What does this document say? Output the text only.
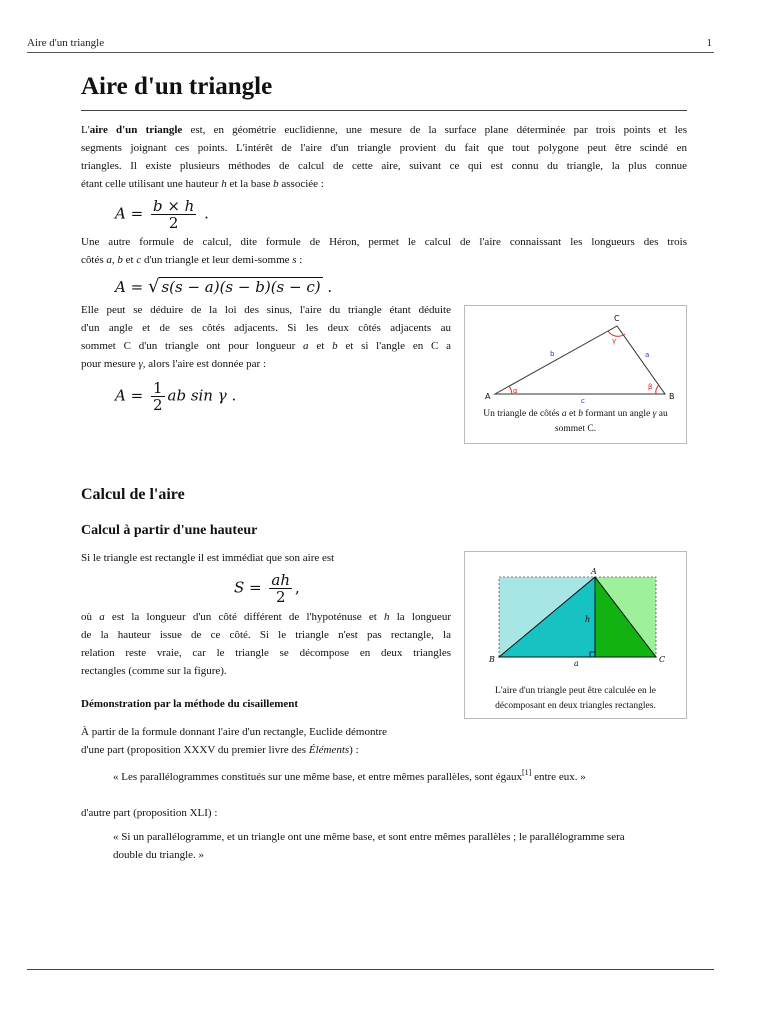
Aire d'un triangle	1
Aire d'un triangle
L'aire d'un triangle est, en géométrie euclidienne, une mesure de la surface plane déterminée par trois points et les
segments joignant ces points. L'intérêt de l'aire d'un triangle provient du fait que tout polygone peut être scindé en
triangles. Il existe plusieurs méthodes de calcul de cette aire, suivant ce qui est connu du triangle, la plus connue
étant celle utilisant une hauteur h et la base b associée :
$A = \frac{b \times h}{2}$ .
Une autre formule de calcul, dite formule de Héron, permet le calcul de l'aire connaissant les longueurs des trois
côtés a, b et c d'un triangle et leur demi-somme s :
A = √ s(s − a)(s − b)(s − c) .
Elle peut se déduire de la loi des sinus, l'aire du triangle étant déduite
d'un angle et de ses côtés adjacents. Si les deux côtés adjacents au
sommet C d'un triangle ont pour longueur a et b et si l'angle en C a
pour mesure γ, alors l'aire est donnée par :
$A = \frac{1}{2}$ ab sin γ .	A	B
C
b	a
c
α	β
γ
Un triangle de côtés a et b formant un angle γ au
sommet C.
Calcul de l'aire
Calcul à partir d'une hauteur
Si le triangle est rectangle il est immédiat que son aire est
$S = \frac{ah}{2}$ ,
où a est la longueur d'un côté différent de l'hypoténuse et h la longueur
de la hauteur issue de ce côté. Si le triangle n'est pas rectangle, la
relation reste vraie, car le triangle se décompose en deux triangles
rectangles (comme sur la figure).
A
B	C
a
h
L'aire d'un triangle peut être calculée en le
décomposant en deux triangles rectangles.
Démonstration par la méthode du cisaillement
À partir de la formule donnant l'aire d'un rectangle, Euclide démontre
d'une part (proposition XXXV du premier livre des Éléments) :
« Les parallélogrammes constitués sur une même base, et entre mêmes parallèles, sont égaux[1] entre eux. »
d'autre part (proposition XLI) :
« Si un parallélogramme, et un triangle ont une même base, et sont entre mêmes parallèles ; le parallélogramme sera double du triangle. »
